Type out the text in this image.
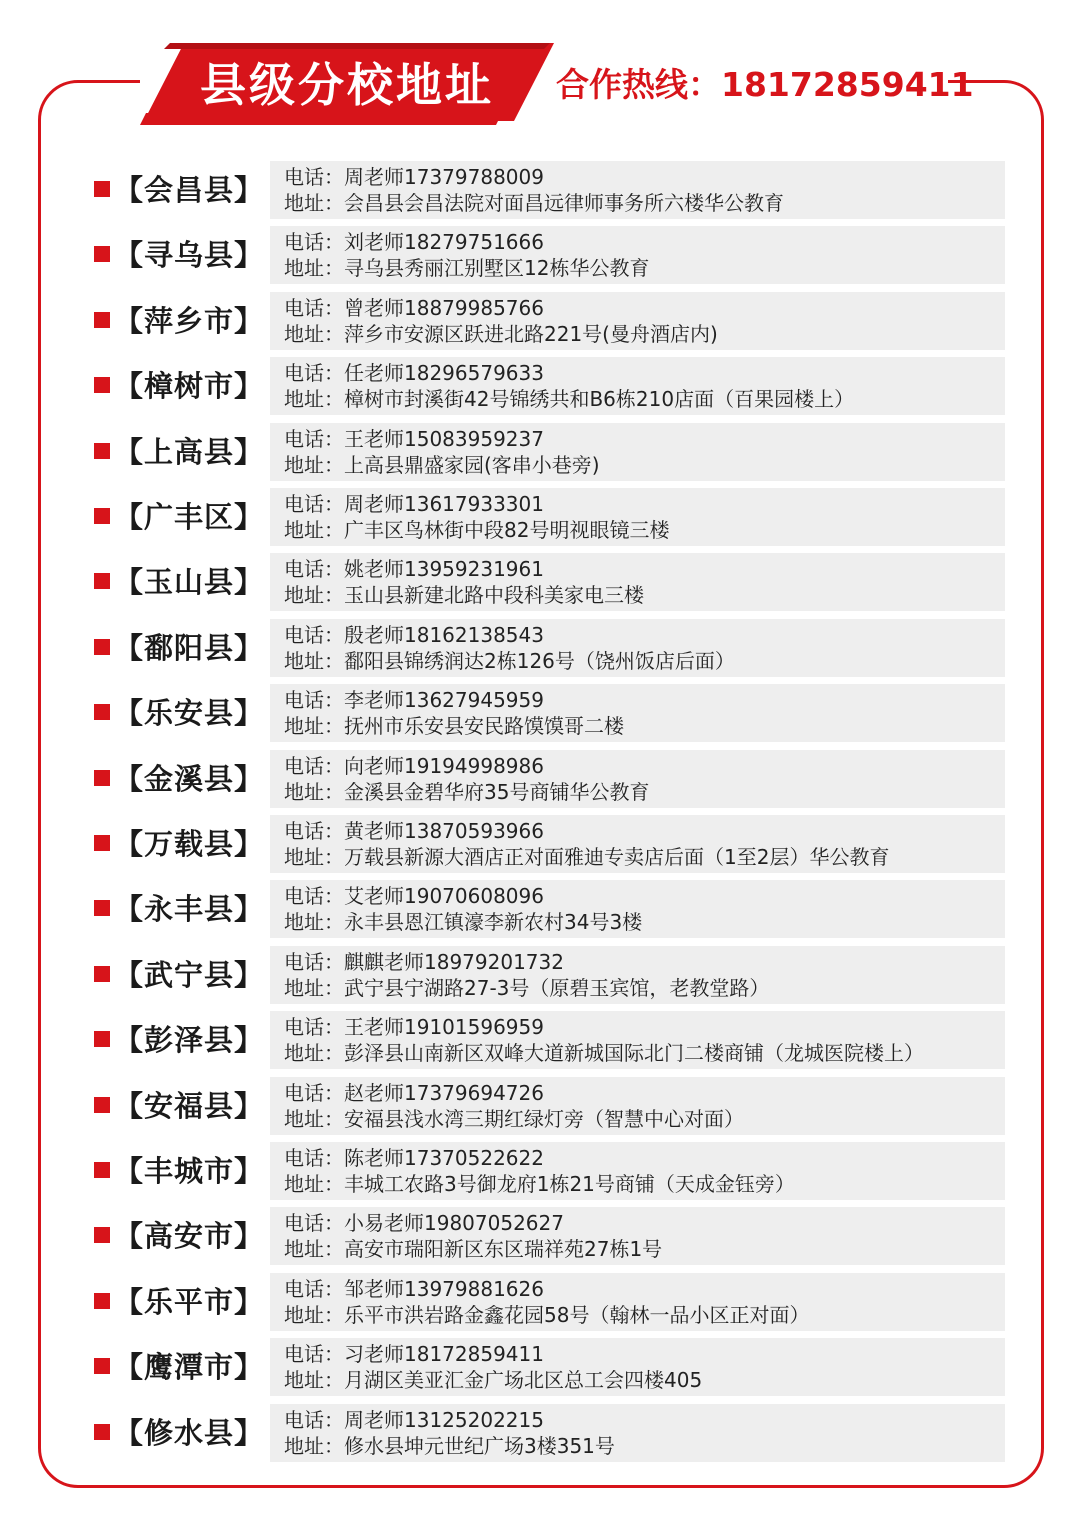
县级分校地址	合作热线：18172859411
【会昌县】 电话：周老师17379788009
地址：会昌县会昌法院对面昌远律师事务所六楼华公教育
【寻乌县】 电话：刘老师18279751666
地址：寻乌县秀丽江别墅区12栋华公教育
【萍乡市】 电话：曾老师18879985766
地址：萍乡市安源区跃进北路221号(曼舟酒店内)
【樟树市】 电话：任老师18296579633
地址：樟树市封溪街42号锦绣共和B6栋210店面（百果园楼上）
【上高县】 电话：王老师15083959237
地址：上高县鼎盛家园(客串小巷旁)
【广丰区】 电话：周老师13617933301
地址：广丰区鸟林街中段82号明视眼镜三楼
【玉山县】 电话：姚老师13959231961
地址：玉山县新建北路中段科美家电三楼
【鄱阳县】 电话：殷老师18162138543
地址：鄱阳县锦绣润达2栋126号（饶州饭店后面）
【乐安县】 电话：李老师13627945959
地址：抚州市乐安县安民路馍馍哥二楼
【金溪县】 电话：向老师19194998986
地址：金溪县金碧华府35号商铺华公教育
【万载县】 电话：黄老师13870593966
地址：万载县新源大酒店正对面雅迪专卖店后面（1至2层）华公教育
【永丰县】 电话：艾老师19070608096
地址：永丰县恩江镇濠李新农村34号3楼
【武宁县】 电话：麒麒老师18979201732
地址：武宁县宁湖路27-3号（原碧玉宾馆，老教堂路）
【彭泽县】 电话：王老师19101596959
地址：彭泽县山南新区双峰大道新城国际北门二楼商铺（龙城医院楼上）
【安福县】 电话：赵老师17379694726
地址：安福县浅水湾三期红绿灯旁（智慧中心对面）
【丰城市】 电话：陈老师17370522622
地址：丰城工农路3号御龙府1栋21号商铺（天成金钰旁）
【高安市】 电话：小易老师19807052627
地址：高安市瑞阳新区东区瑞祥苑27栋1号
【乐平市】 电话：邹老师13979881626
地址：乐平市洪岩路金鑫花园58号（翰林一品小区正对面）
【鹰潭市】 电话：习老师18172859411
地址：月湖区美亚汇金广场北区总工会四楼405
【修水县】 电话：周老师13125202215
地址：修水县坤元世纪广场3楼351号
